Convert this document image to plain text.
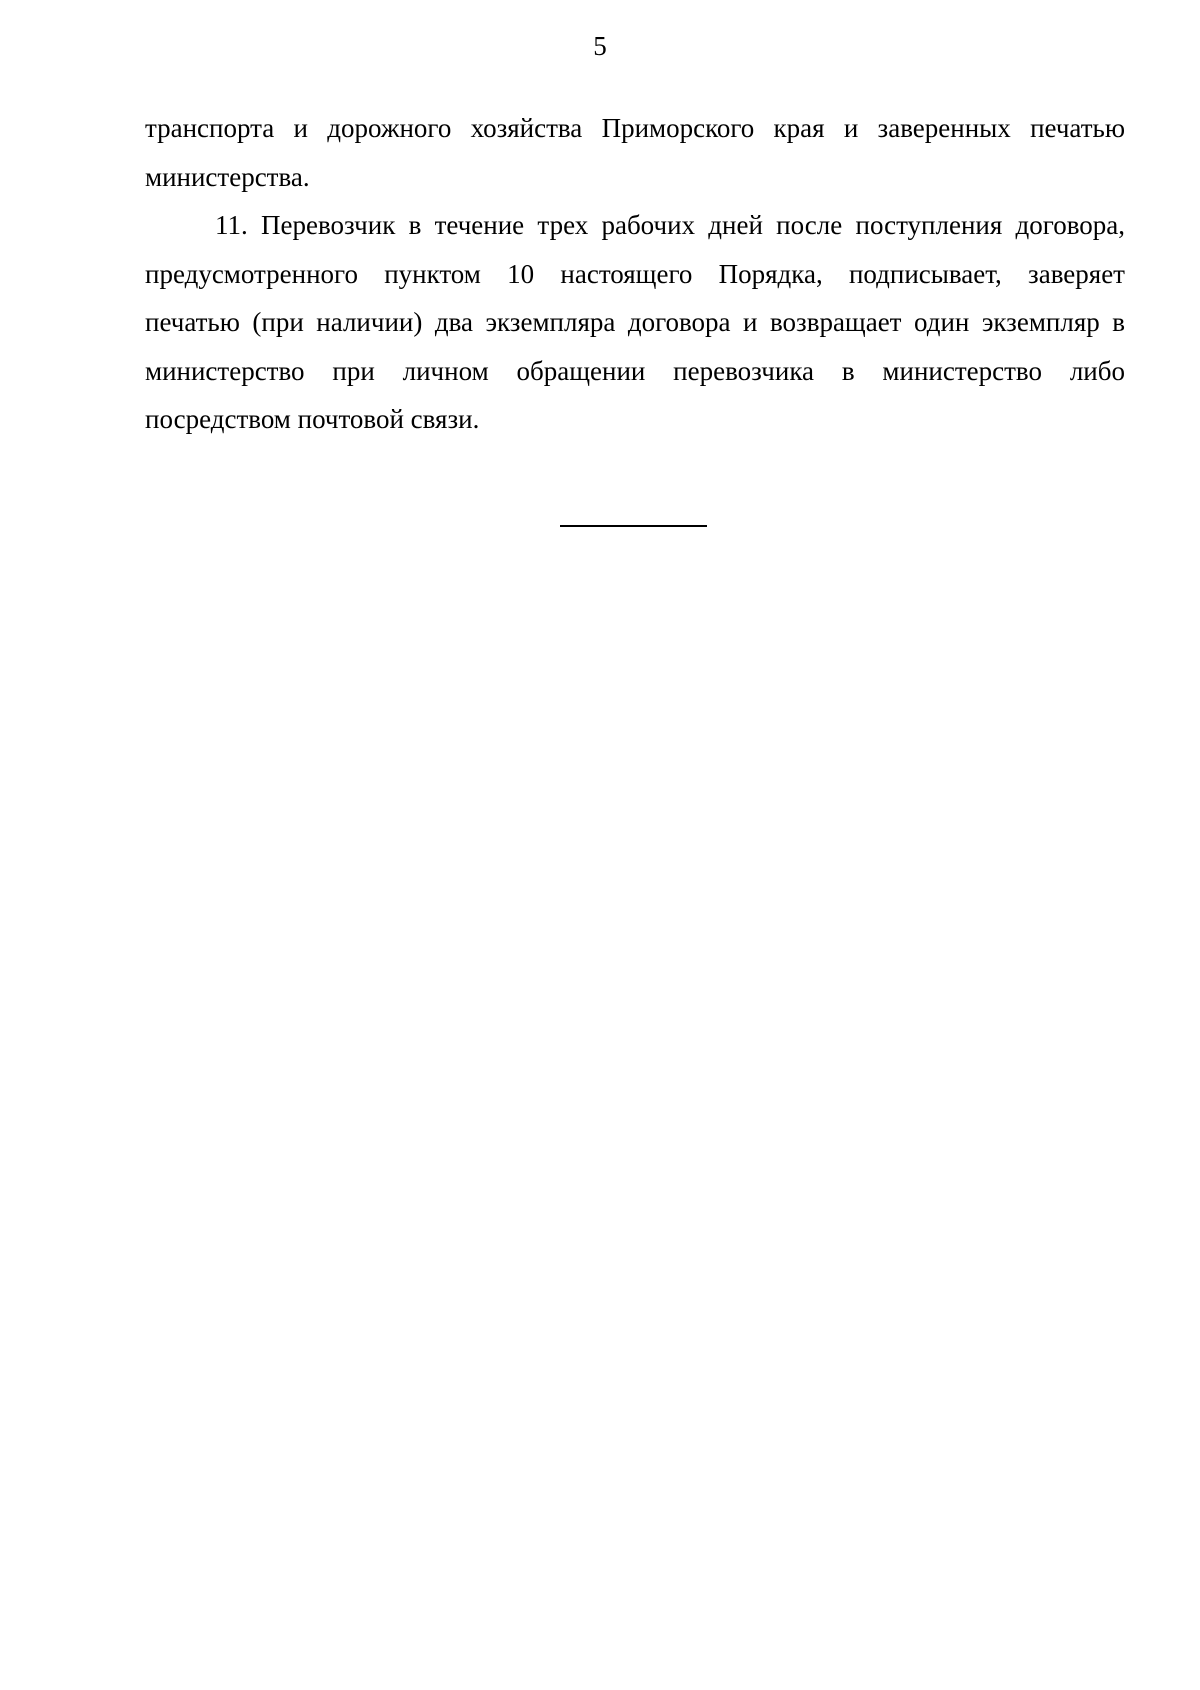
5
транспорта и дорожного хозяйства Приморского края и заверенных печатью
министерства.
11. Перевозчик в течение трех рабочих дней после поступления договора,
предусмотренного пунктом 10 настоящего Порядка, подписывает, заверяет
печатью (при наличии) два экземпляра договора и возвращает один экземпляр в
министерство при личном обращении перевозчика в министерство либо
посредством почтовой связи.
